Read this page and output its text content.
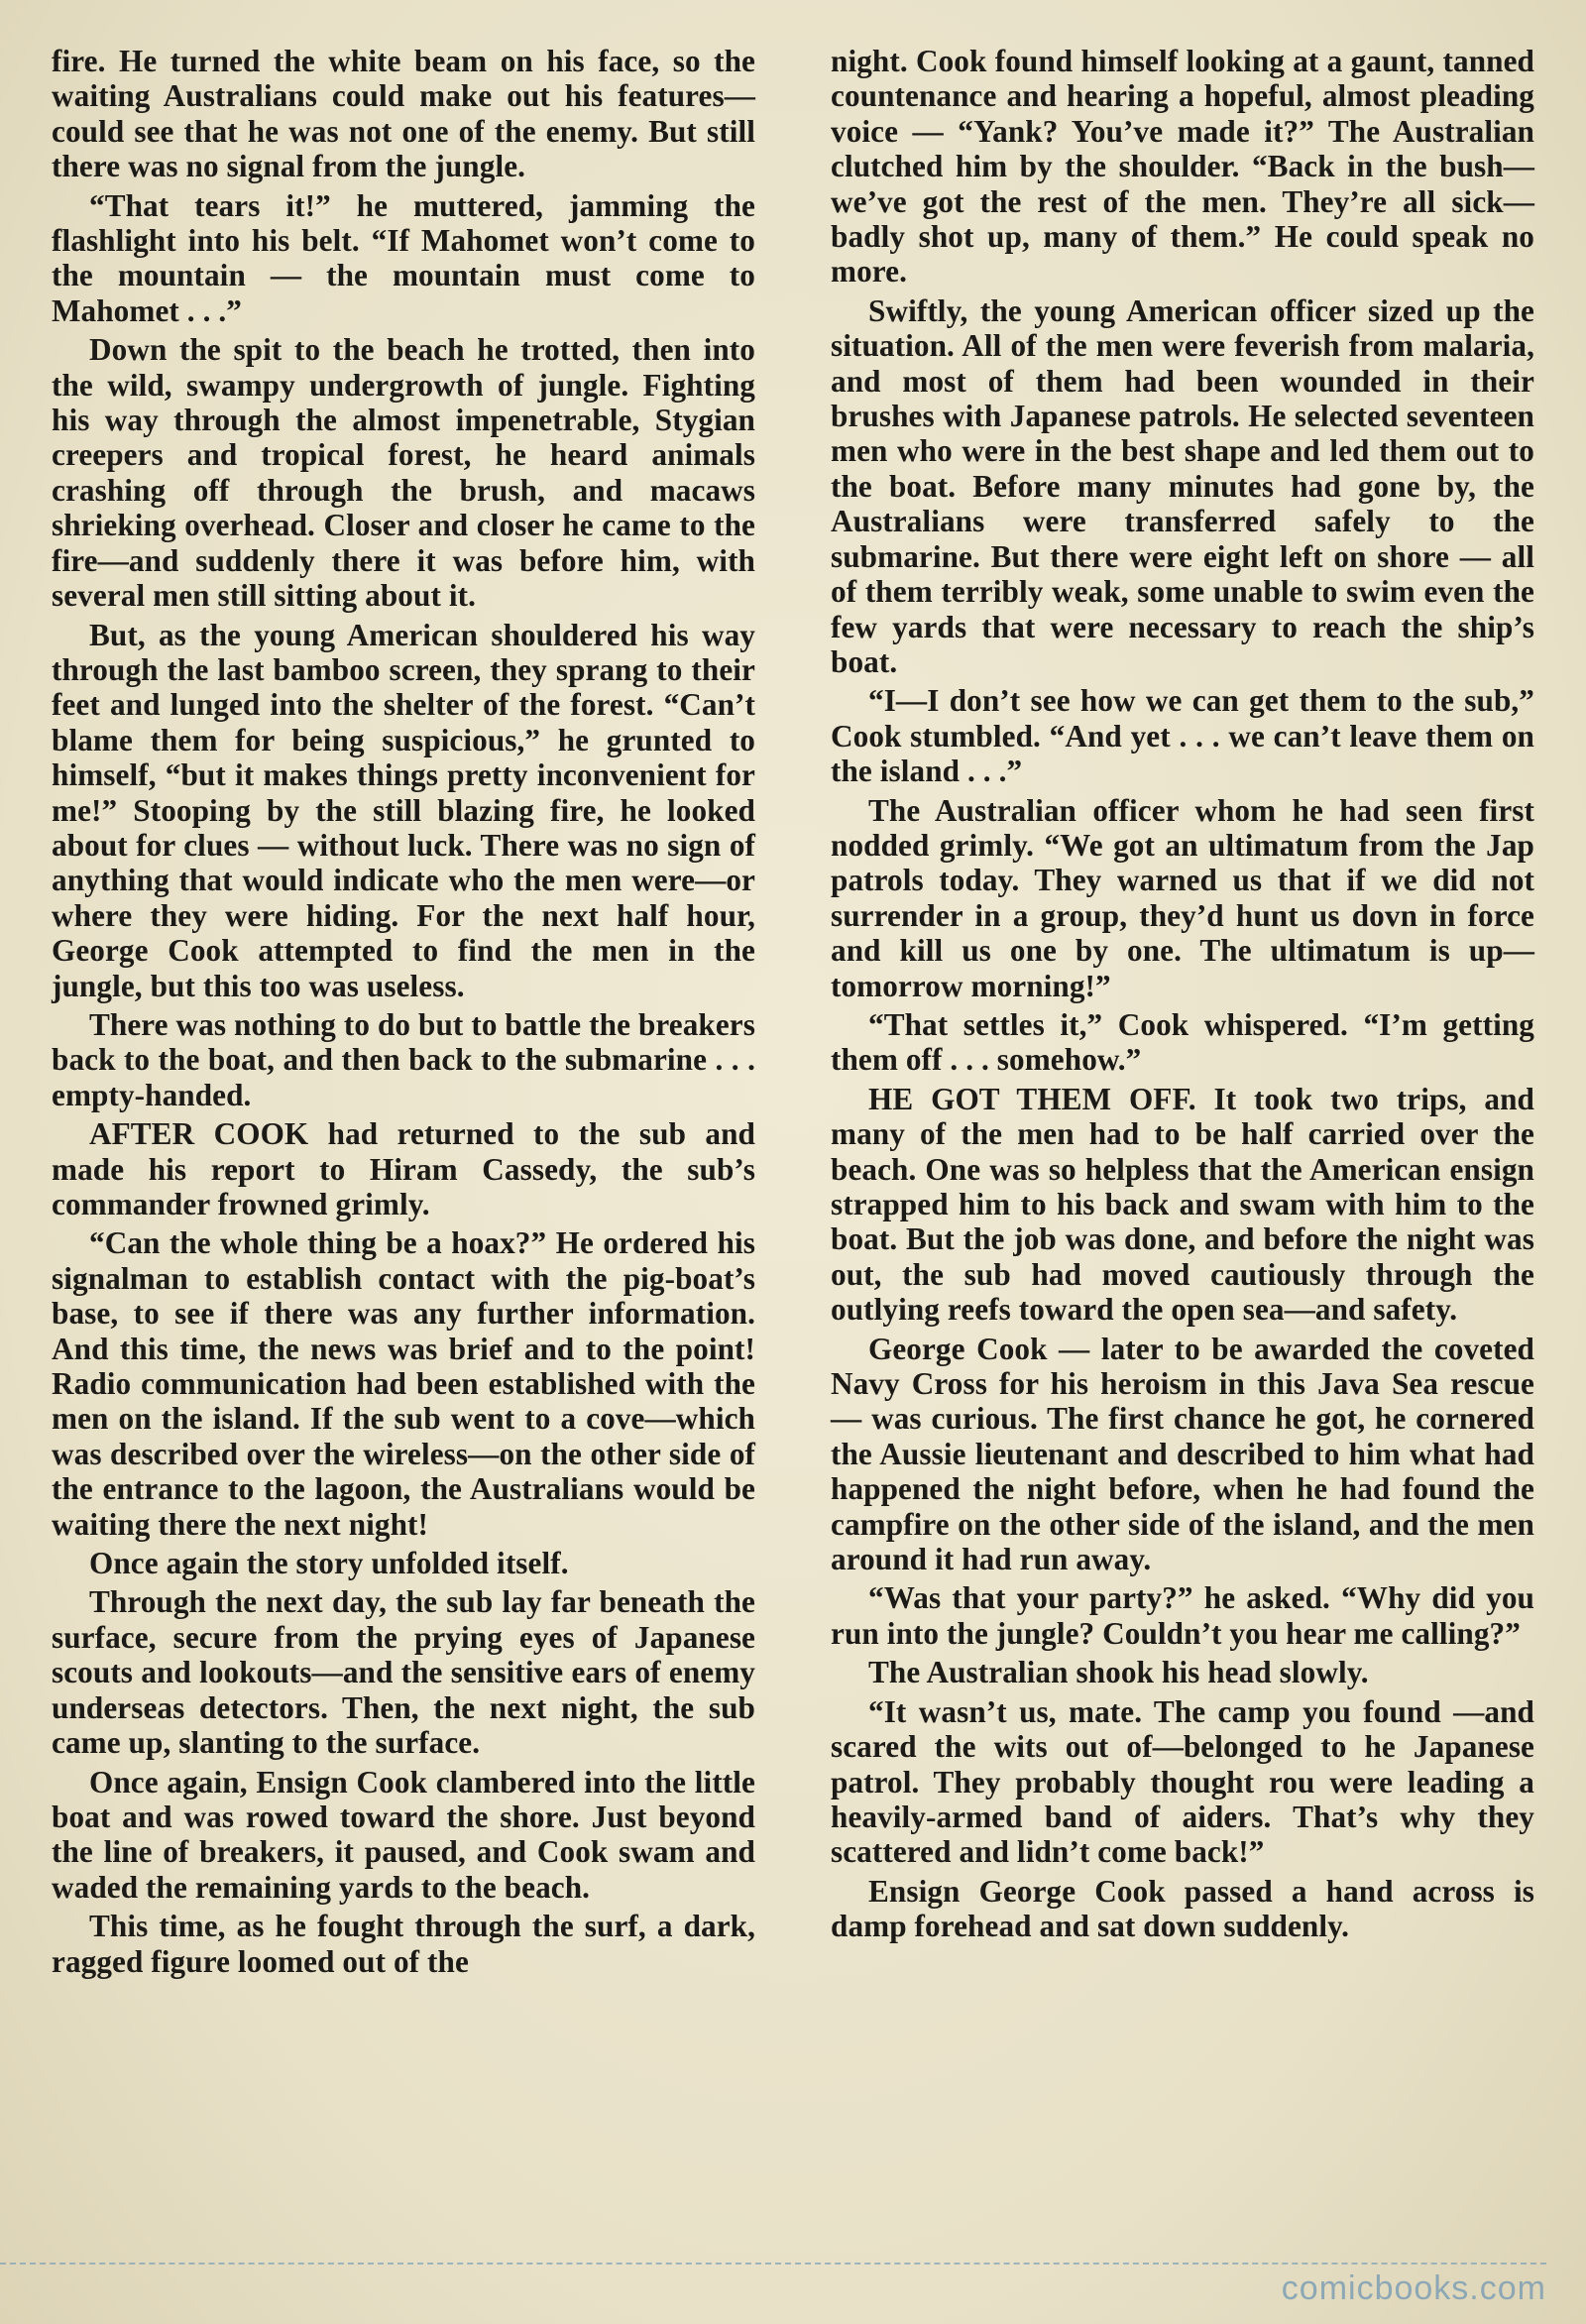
fire. He turned the white beam on his face, so the waiting Australians could make out his features—could see that he was not one of the enemy. But still there was no signal from the jungle.

“That tears it!” he muttered, jamming the flashlight into his belt. “If Mahomet won’t come to the mountain — the mountain must come to Mahomet . . .”

Down the spit to the beach he trotted, then into the wild, swampy undergrowth of jungle. Fighting his way through the almost impenetrable, Stygian creepers and tropical forest, he heard animals crashing off through the brush, and macaws shrieking overhead. Closer and closer he came to the fire—and suddenly there it was before him, with several men still sitting about it.

But, as the young American shouldered his way through the last bamboo screen, they sprang to their feet and lunged into the shelter of the forest. “Can’t blame them for being suspicious,” he grunted to himself, “but it makes things pretty inconvenient for me!” Stooping by the still blazing fire, he looked about for clues — without luck. There was no sign of anything that would indicate who the men were—or where they were hiding. For the next half hour, George Cook attempted to find the men in the jungle, but this too was useless.

There was nothing to do but to battle the breakers back to the boat, and then back to the submarine . . . empty-handed.

AFTER COOK had returned to the sub and made his report to Hiram Cassedy, the sub’s commander frowned grimly.

“Can the whole thing be a hoax?” He ordered his signalman to establish contact with the pig-boat’s base, to see if there was any further information. And this time, the news was brief and to the point! Radio communication had been established with the men on the island. If the sub went to a cove—which was described over the wireless—on the other side of the entrance to the lagoon, the Australians would be waiting there the next night!

Once again the story unfolded itself.

Through the next day, the sub lay far beneath the surface, secure from the prying eyes of Japanese scouts and lookouts—and the sensitive ears of enemy underseas detectors. Then, the next night, the sub came up, slanting to the surface.

Once again, Ensign Cook clambered into the little boat and was rowed toward the shore. Just beyond the line of breakers, it paused, and Cook swam and waded the remaining yards to the beach.

This time, as he fought through the surf, a dark, ragged figure loomed out of the

night. Cook found himself looking at a gaunt, tanned countenance and hearing a hopeful, almost pleading voice — “Yank? You’ve made it?” The Australian clutched him by the shoulder. “Back in the bush—we’ve got the rest of the men. They’re all sick—badly shot up, many of them.” He could speak no more.

Swiftly, the young American officer sized up the situation. All of the men were feverish from malaria, and most of them had been wounded in their brushes with Japanese patrols. He selected seventeen men who were in the best shape and led them out to the boat. Before many minutes had gone by, the Australians were transferred safely to the submarine. But there were eight left on shore — all of them terribly weak, some unable to swim even the few yards that were necessary to reach the ship’s boat.

“I—I don’t see how we can get them to the sub,” Cook stumbled. “And yet . . . we can’t leave them on the island . . .”

The Australian officer whom he had seen first nodded grimly. “We got an ultimatum from the Jap patrols today. They warned us that if we did not surrender in a group, they’d hunt us dovn in force and kill us one by one. The ultimatum is up—tomorrow morning!”

“That settles it,” Cook whispered. “I’m getting them off . . . somehow.”

HE GOT THEM OFF. It took two trips, and many of the men had to be half carried over the beach. One was so helpless that the American ensign strapped him to his back and swam with him to the boat. But the job was done, and before the night was out, the sub had moved cautiously through the outlying reefs toward the open sea—and safety.

George Cook — later to be awarded the coveted Navy Cross for his heroism in this Java Sea rescue — was curious. The first chance he got, he cornered the Aussie lieutenant and described to him what had happened the night before, when he had found the campfire on the other side of the island, and the men around it had run away.

“Was that your party?” he asked. “Why did you run into the jungle? Couldn’t you hear me calling?”

The Australian shook his head slowly.

“It wasn’t us, mate. The camp you found —and scared the wits out of—belonged to he Japanese patrol. They probably thought rou were leading a heavily-armed band of aiders. That’s why they scattered and lidn’t come back!”

Ensign George Cook passed a hand across is damp forehead and sat down suddenly.

comicbooks.com
